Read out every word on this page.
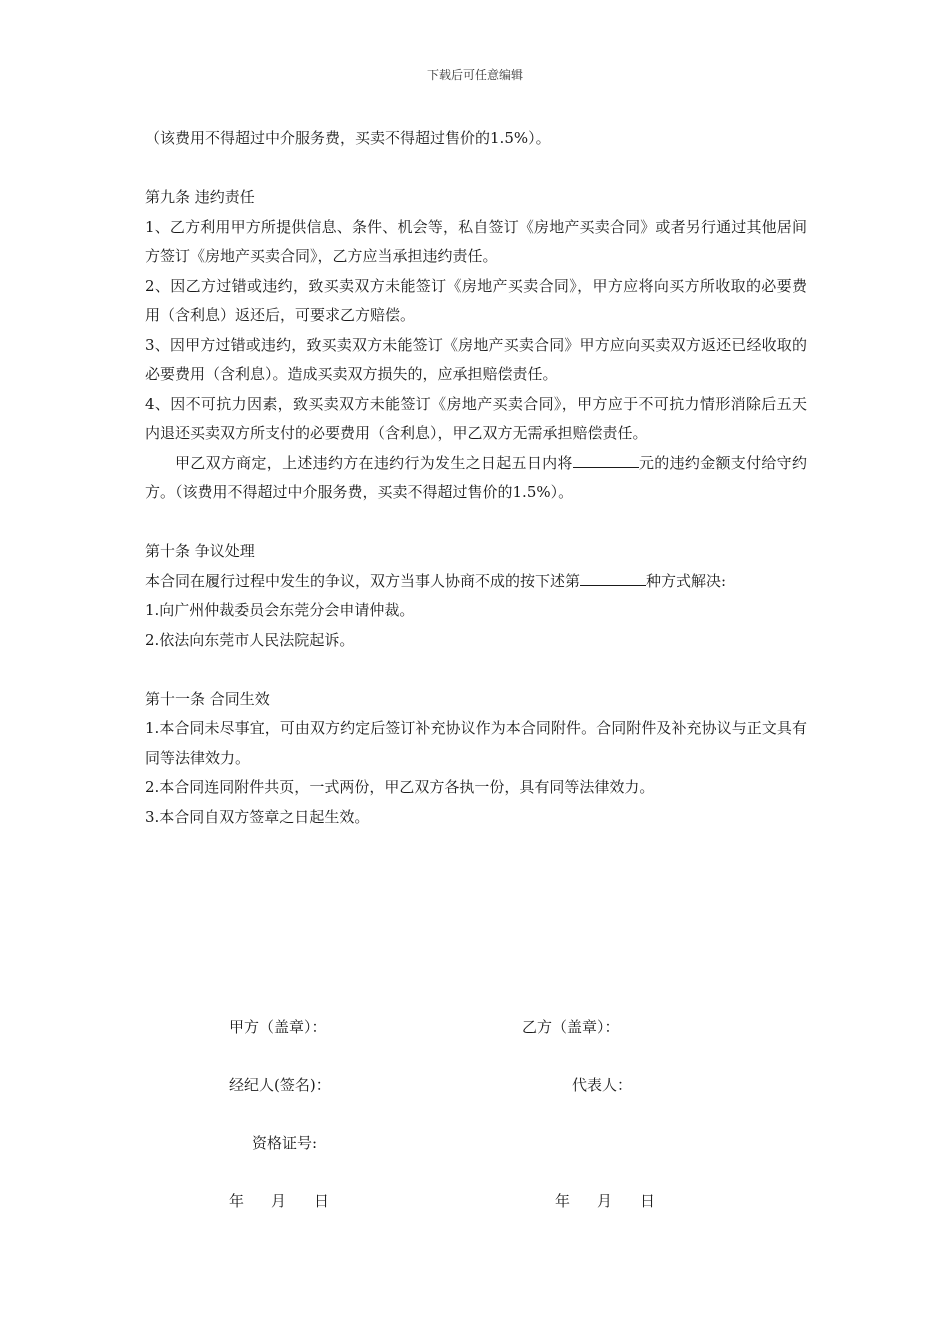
下载后可任意编辑

（该费用不得超过中介服务费，买卖不得超过售价的1.5%）。

第九条 违约责任

1、乙方利用甲方所提供信息、条件、机会等，私自签订《房地产买卖合同》或者另行通过其他居间方签订《房地产买卖合同》，乙方应当承担违约责任。

2、因乙方过错或违约，致买卖双方未能签订《房地产买卖合同》，甲方应将向买方所收取的必要费用（含利息）返还后，可要求乙方赔偿。

3、因甲方过错或违约，致买卖双方未能签订《房地产买卖合同》甲方应向买卖双方返还已经收取的必要费用（含利息）。造成买卖双方损失的，应承担赔偿责任。

4、因不可抗力因素，致买卖双方未能签订《房地产买卖合同》，甲方应于不可抗力情形消除后五天内退还买卖双方所支付的必要费用（含利息），甲乙双方无需承担赔偿责任。

甲乙双方商定，上述违约方在违约行为发生之日起五日内将	元的违约金额支付给守约方。（该费用不得超过中介服务费，买卖不得超过售价的1.5%）。

第十条 争议处理

本合同在履行过程中发生的争议，双方当事人协商不成的按下述第	种方式解决:

1.向广州仲裁委员会东莞分会申请仲裁。

2.依法向东莞市人民法院起诉。

第十一条 合同生效

1.本合同未尽事宜，可由双方约定后签订补充协议作为本合同附件。合同附件及补充协议与正文具有同等法律效力。

2.本合同连同附件共页，一式两份，甲乙双方各执一份，具有同等法律效力。

3.本合同自双方签章之日起生效。

甲方（盖章）：	乙方（盖章）：
经纪人(签名)：	代表人：
资格证号:
年 月 日	年 月 日
